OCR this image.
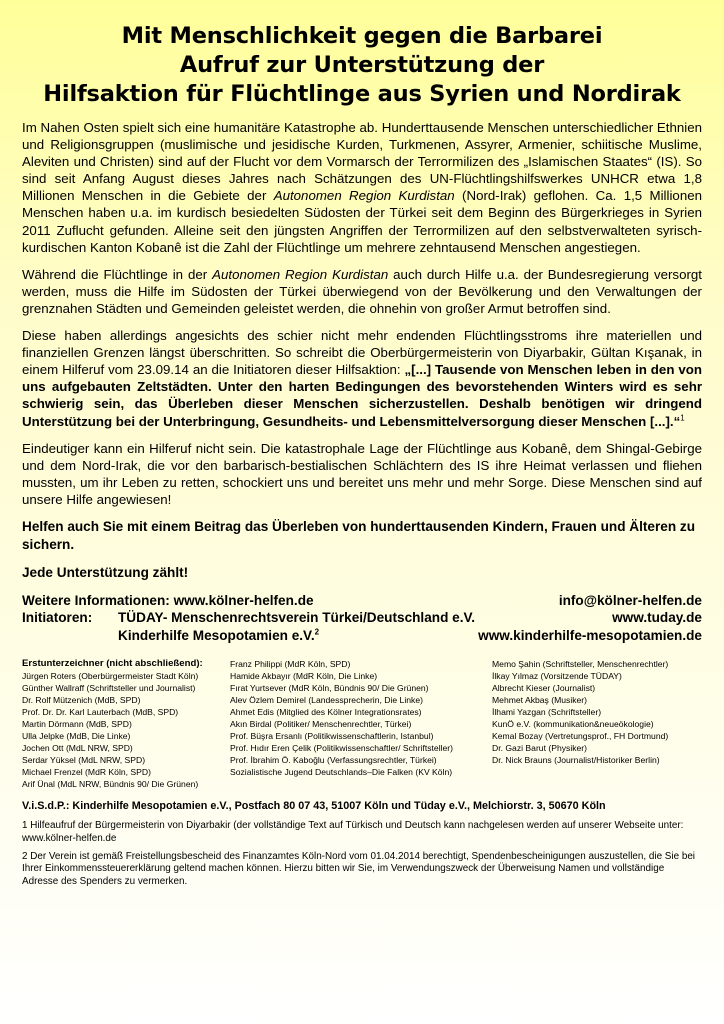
Mit Menschlichkeit gegen die Barbarei
Aufruf zur Unterstützung der
Hilfsaktion für Flüchtlinge aus Syrien und Nordirak

Im Nahen Osten spielt sich eine humanitäre Katastrophe ab. Hunderttausende Menschen unterschiedlicher Ethnien und Religionsgruppen (muslimische und jesidische Kurden, Turkmenen, Assyrer, Armenier, schiitische Muslime, Aleviten und Christen) sind auf der Flucht vor dem Vormarsch der Terrormilizen des „Islamischen Staates“ (IS). So sind seit Anfang August dieses Jahres nach Schätzungen des UN-Flüchtlingshilfswerkes UNHCR etwa 1,8 Millionen Menschen in die Gebiete der Autonomen Region Kurdistan (Nord-Irak) geflohen. Ca. 1,5 Millionen Menschen haben u.a. im kurdisch besiedelten Südosten der Türkei seit dem Beginn des Bürgerkrieges in Syrien 2011 Zuflucht gefunden. Alleine seit den jüngsten Angriffen der Terrormilizen auf den selbstverwalteten syrisch-kurdischen Kanton Kobanê ist die Zahl der Flüchtlinge um mehrere zehntausend Menschen angestiegen.

Während die Flüchtlinge in der Autonomen Region Kurdistan auch durch Hilfe u.a. der Bundesregierung versorgt werden, muss die Hilfe im Südosten der Türkei überwiegend von der Bevölkerung und den Verwaltungen der grenznahen Städten und Gemeinden geleistet werden, die ohnehin von großer Armut betroffen sind.

Diese haben allerdings angesichts des schier nicht mehr endenden Flüchtlingsstroms ihre materiellen und finanziellen Grenzen längst überschritten. So schreibt die Oberbürgermeisterin von Diyarbakir, Gültan Kışanak, in einem Hilferuf vom 23.09.14 an die Initiatoren dieser Hilfsaktion: „[...] Tausende von Menschen leben in den von uns aufgebauten Zeltstädten. Unter den harten Bedingungen des bevorstehenden Winters wird es sehr schwierig sein, das Überleben dieser Menschen sicherzustellen. Deshalb benötigen wir dringend Unterstützung bei der Unterbringung, Gesundheits- und Lebensmittelversorgung dieser Menschen [...].“$^1$

Eindeutiger kann ein Hilferuf nicht sein. Die katastrophale Lage der Flüchtlinge aus Kobanê, dem Shingal-Gebirge und dem Nord-Irak, die vor den barbarisch-bestialischen Schlächtern des IS ihre Heimat verlassen und fliehen mussten, um ihr Leben zu retten, schockiert uns und bereitet uns mehr und mehr Sorge. Diese Menschen sind auf unsere Hilfe angewiesen!

Helfen auch Sie mit einem Beitrag das Überleben von hunderttausenden Kindern, Frauen und Älteren zu sichern.

Jede Unterstützung zählt!

Weitere Informationen: www.kölner-helfen.de	info@kölner-helfen.de
Initiatoren: TÜDAY- Menschenrechtsverein Türkei/Deutschland e.V.	www.tuday.de
Kinderhilfe Mesopotamien e.V.$^2$	www.kinderhilfe-mesopotamien.de
Erstunterzeichner (nicht abschließend):
Jürgen Roters (Oberbürgermeister Stadt Köln)
Günther Wallraff (Schriftsteller und Journalist)
Dr. Rolf Mützenich (MdB, SPD)
Prof. Dr. Dr. Karl Lauterbach (MdB, SPD)
Martin Dörmann (MdB, SPD)
Ulla Jelpke (MdB, Die Linke)
Jochen Ott (MdL NRW, SPD)
Serdar Yüksel (MdL NRW, SPD)
Michael Frenzel (MdR Köln, SPD)
Arif Ünal (MdL NRW, Bündnis 90/ Die Grünen)
Franz Philippi (MdR Köln, SPD)
Hamide Akbayır (MdR Köln, Die Linke)
Fırat Yurtsever (MdR Köln, Bündnis 90/ Die Grünen)
Alev Özlem Demirel (Landessprecherin, Die Linke)
Ahmet Edis (Mitglied des Kölner Integrationsrates)
Akın Birdal (Politiker/ Menschenrechtler, Türkei)
Prof. Büşra Ersanlı (Politikwissenschaftlerin, Istanbul)
Prof. Hıdır Eren Çelik (Politikwissenschaftler/ Schriftsteller)
Prof. İbrahim Ö. Kaboğlu (Verfassungsrechtler, Türkei)
Sozialistische Jugend Deutschlands–Die Falken (KV Köln)
Memo Şahin (Schriftsteller, Menschenrechtler)
İlkay Yılmaz (Vorsitzende TÜDAY)
Albrecht Kieser (Journalist)
Mehmet Akbaş (Musiker)
İlhami Yazgan (Schriftsteller)
KunÖ e.V. (kommunikation&neueökologie)
Kemal Bozay (Vertretungsprof., FH Dortmund)
Dr. Gazi Barut (Physiker)
Dr. Nick Brauns (Journalist/Historiker Berlin)
V.i.S.d.P.: Kinderhilfe Mesopotamien e.V., Postfach 80 07 43, 51007 Köln und Tüday e.V., Melchiorstr. 3, 50670 Köln

1 Hilfeaufruf der Bürgermeisterin von Diyarbakir (der vollständige Text auf Türkisch und Deutsch kann nachgelesen werden auf unserer Webseite unter: www.kölner-helfen.de

2 Der Verein ist gemäß Freistellungsbescheid des Finanzamtes Köln-Nord vom 01.04.2014 berechtigt, Spendenbescheinigungen auszustellen, die Sie bei Ihrer Einkommenssteuererklärung geltend machen können. Hierzu bitten wir Sie, im Verwendungszweck der Überweisung Namen und vollständige Adresse des Spenders zu vermerken.
